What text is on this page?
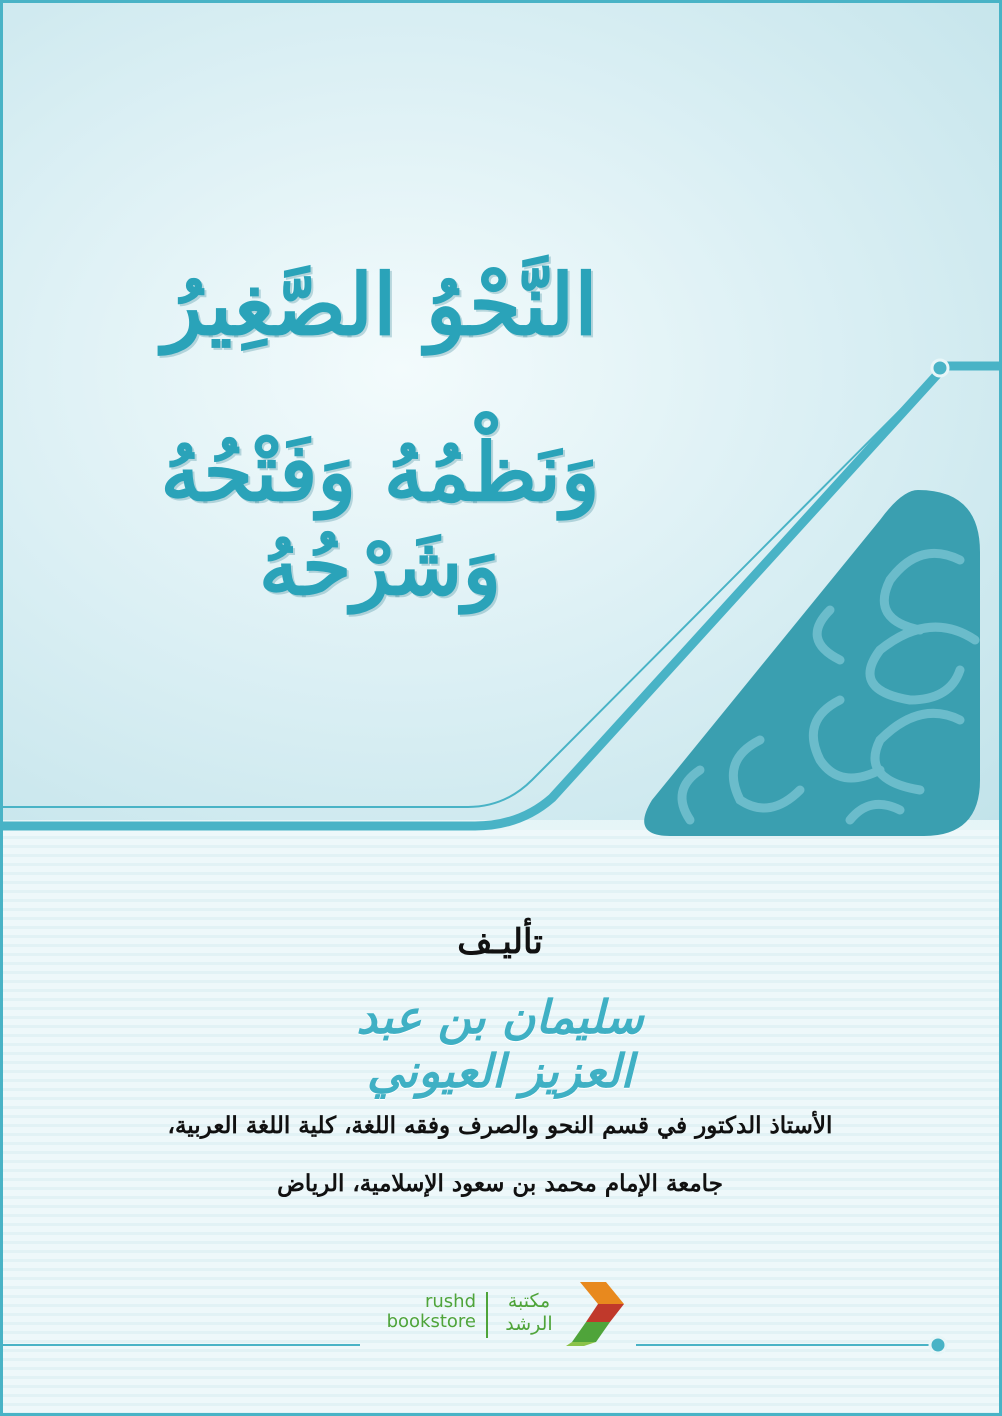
النَّحْوُ الصَّغِيرُ
وَنَظْمُهُ وَفَتْحُهُ وَشَرْحُهُ
تأليـف
سليمان بن عبد العزيز العيوني
الأستاذ الدكتور في قسم النحو والصرف وفقه اللغة، كلية اللغة العربية،
جامعة الإمام محمد بن سعود الإسلامية، الرياض
rushd
bookstore
مكتبة
الرشد
